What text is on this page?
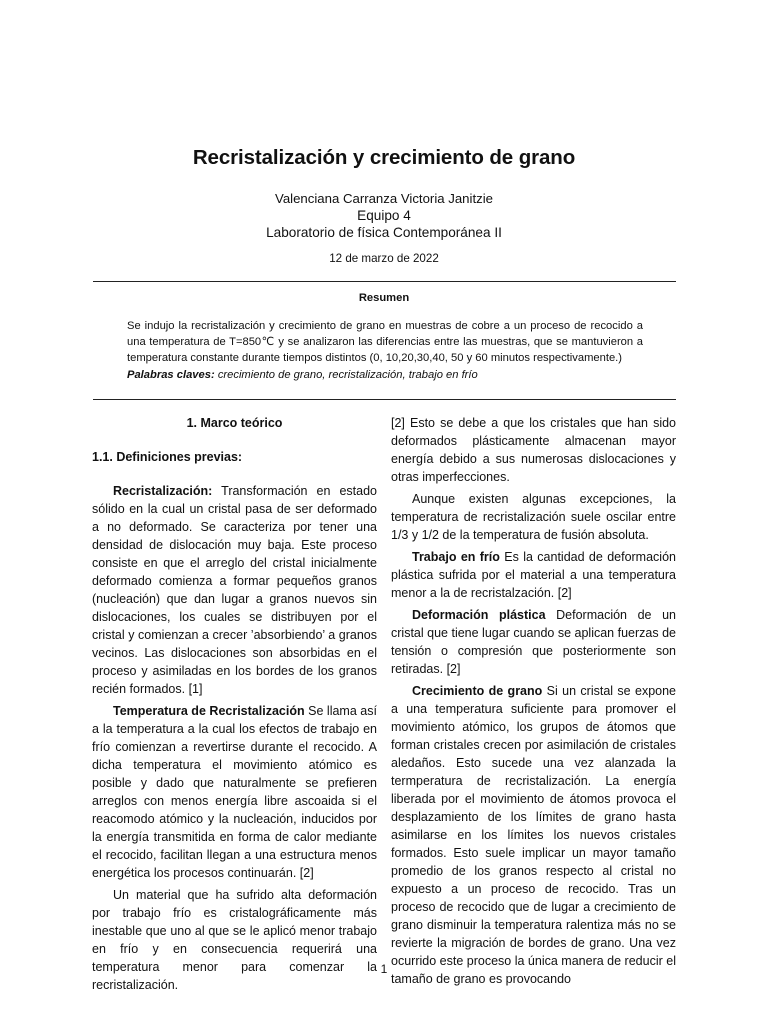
Recristalización y crecimiento de grano
Valenciana Carranza Victoria Janitzie
Equipo 4
Laboratorio de física Contemporánea II
12 de marzo de 2022
Resumen

Se indujo la recristalización y crecimiento de grano en muestras de cobre a un proceso de recocido a una temperatura de T=850℃ y se analizaron las diferencias entre las muestras, que se mantuvieron a temperatura constante durante tiempos distintos (0, 10,20,30,40, 50 y 60 minutos respectivamente.)

Palabras claves: crecimiento de grano, recristalización, trabajo en frío

1. Marco teórico

1.1. Definiciones previas:

Recristalización: Transformación en estado sólido en la cual un cristal pasa de ser deformado a no deformado. Se caracteriza por tener una densidad de dislocación muy baja. Este proceso consiste en que el arreglo del cristal inicialmente deformado comienza a formar pequeños granos (nucleación) que dan lugar a granos nuevos sin dislocaciones, los cuales se distribuyen por el cristal y comienzan a crecer ’absorbiendo’ a granos vecinos. Las dislocaciones son absorbidas en el proceso y asimiladas en los bordes de los granos recién formados. [1]

Temperatura de Recristalización Se llama así a la temperatura a la cual los efectos de trabajo en frío comienzan a revertirse durante el recocido. A dicha temperatura el movimiento atómico es posible y dado que naturalmente se prefieren arreglos con menos energía libre ascoaida si el reacomodo atómico y la nucleación, inducidos por la energía transmitida en forma de calor mediante el recocido, facilitan llegan a una estructura menos energética los procesos continuarán. [2]

Un material que ha sufrido alta deformación por trabajo frío es cristalográficamente más inestable que uno al que se le aplicó menor trabajo en frío y en consecuencia requerirá una temperatura menor para comenzar la recristalización.

[2] Esto se debe a que los cristales que han sido deformados plásticamente almacenan mayor energía debido a sus numerosas dislocaciones y otras imperfecciones.

Aunque existen algunas excepciones, la temperatura de recristalización suele oscilar entre 1/3 y 1/2 de la temperatura de fusión absoluta.

Trabajo en frío Es la cantidad de deformación plástica sufrida por el material a una temperatura menor a la de recristalzación. [2]

Deformación plástica Deformación de un cristal que tiene lugar cuando se aplican fuerzas de tensión o compresión que posteriormente son retiradas. [2]

Crecimiento de grano Si un cristal se expone a una temperatura suficiente para promover el movimiento atómico, los grupos de átomos que forman cristales crecen por asimilación de cristales aledaños. Esto sucede una vez alanzada la termperatura de recristalización. La energía liberada por el movimiento de átomos provoca el desplazamiento de los límites de grano hasta asimilarse en los límites los nuevos cristales formados. Esto suele implicar un mayor tamaño promedio de los granos respecto al cristal no expuesto a un proceso de recocido. Tras un proceso de recocido que de lugar a crecimiento de grano disminuir la temperatura ralentiza más no se revierte la migración de bordes de grano. Una vez ocurrido este proceso la única manera de reducir el tamaño de grano es provocando

1
